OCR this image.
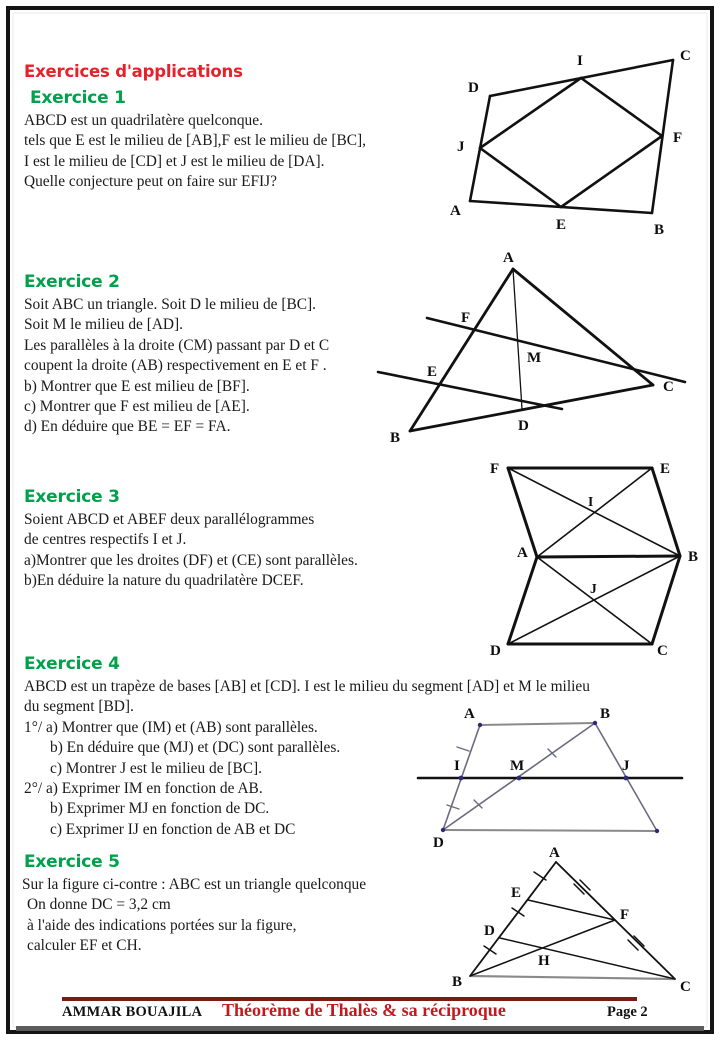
Exercices d'applications
Exercice 1
ABCD est un quadrilatère quelconque.
tels que E est le milieu de [AB],F est le milieu de [BC],
I est le milieu de [CD] et J est le milieu de [DA].
Quelle conjecture peut on faire sur EFIJ?
Exercice 2
Soit ABC un triangle. Soit D le milieu de [BC].
Soit M le milieu de [AD].
Les parallèles à la droite (CM) passant par D et C
coupent la droite (AB) respectivement en E et F .
b) Montrer que E est milieu de [BF].
c) Montrer que F est milieu de [AE].
d) En déduire que BE = EF = FA.
Exercice 3
Soient ABCD et ABEF deux parallélogrammes
de centres respectifs I et J.
a)Montrer que les droites (DF) et (CE) sont parallèles.
b)En déduire la nature du quadrilatère DCEF.
Exercice 4
ABCD est un trapèze de bases [AB] et [CD]. I est le milieu du segment [AD] et M le milieu
du segment [BD].
1°/ a) Montrer que (IM) et (AB) sont parallèles.
b) En déduire que (MJ) et (DC) sont parallèles.
c) Montrer J est le milieu de [BC].
2°/ a) Exprimer IM en fonction de AB.
b) Exprimer MJ en fonction de DC.
c) Exprimer IJ en fonction de AB et DC
Exercice 5
Sur la figure ci-contre : ABC est un triangle quelconque
On donne DC = 3,2 cm
à l'aide des indications portées sur la figure,
calculer EF et CH.
A
B
C
D
E
F
I
J
A
B
C
D
E
F
M
F	E
A	B
D	C
I
J
A	B
D
I	M	J
A
B	C
D
E
F
H
AMMAR BOUAJILA Théorème de Thalès & sa réciproque	Page 2
